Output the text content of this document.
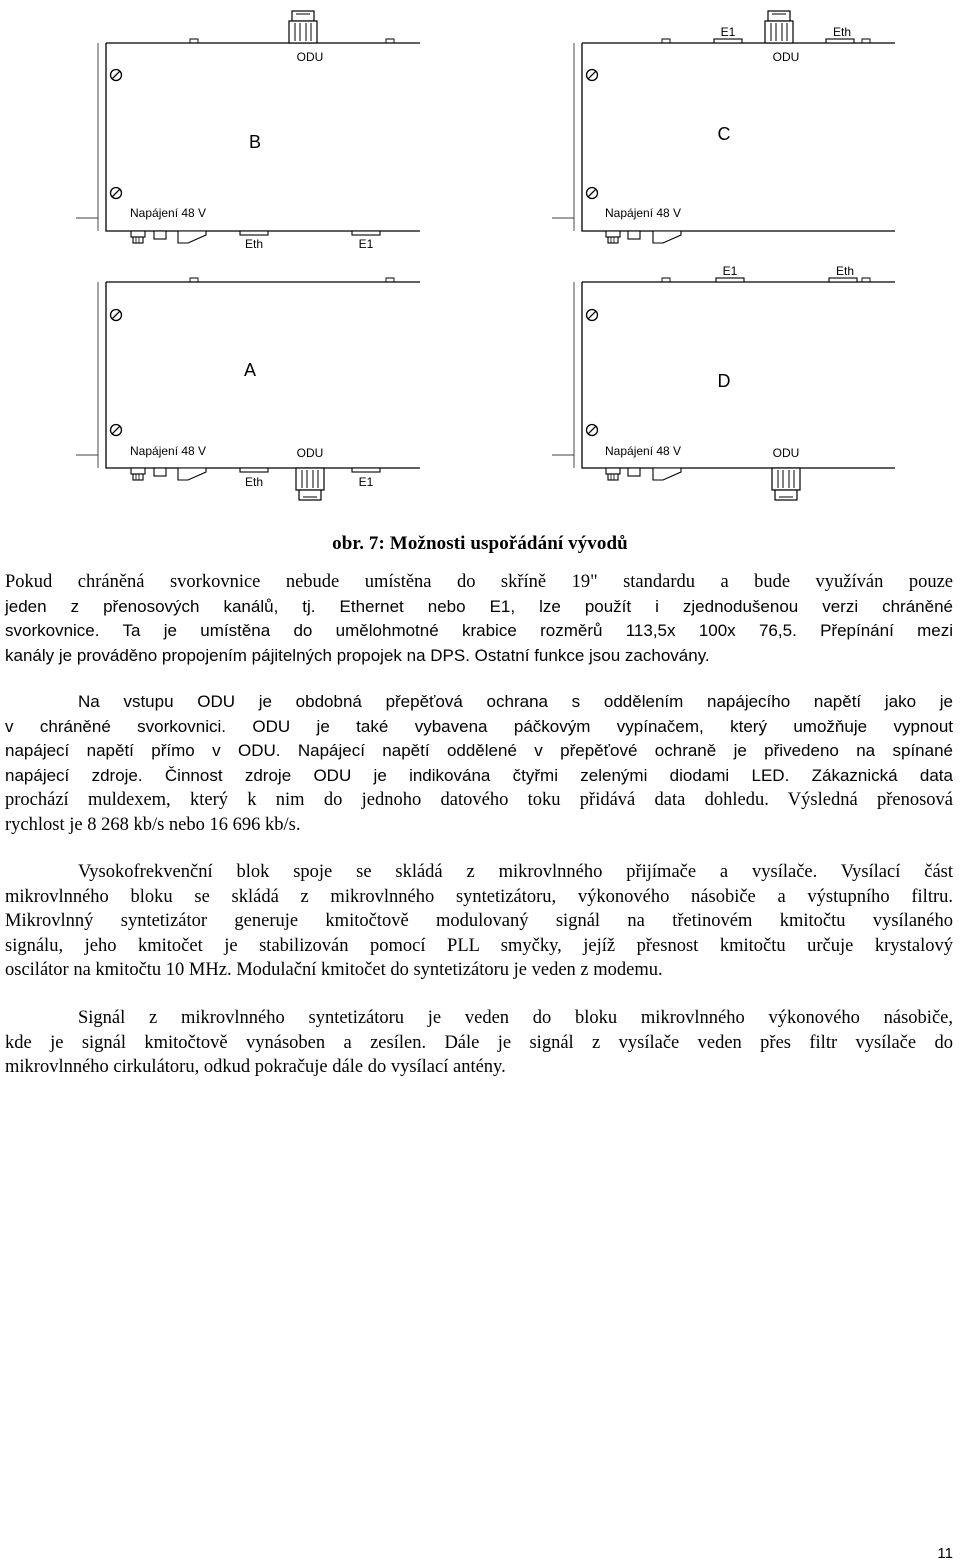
ODU
B
Napájení 48 V
Eth	E1
E1	Eth
ODU
C
Napájení 48 V
A
Napájení 48 V	ODU
Eth	E1
E1	Eth
D
Napájení 48 V	ODU
obr. 7: Možnosti uspořádání vývodů
Pokud chráněná svorkovnice nebude umístěna do skříně 19" standardu a bude využíván pouze
jeden z přenosových kanálů, tj. Ethernet nebo E1, lze použít i zjednodušenou verzi chráněné
svorkovnice. Ta je umístěna do umělohmotné krabice rozměrů 113,5x 100x 76,5. Přepínání mezi
kanály je prováděno propojením pájitelných propojek na DPS. Ostatní funkce jsou zachovány.
Na vstupu ODU je obdobná přepěťová ochrana s oddělením napájecího napětí jako je
v chráněné svorkovnici. ODU je také vybavena páčkovým vypínačem, který umožňuje vypnout
napájecí napětí přímo v ODU. Napájecí napětí oddělené v přepěťové ochraně je přivedeno na spínané
napájecí zdroje. Činnost zdroje ODU je indikována čtyřmi zelenými diodami LED. Zákaznická data
prochází muldexem, který k nim do jednoho datového toku přidává data dohledu. Výsledná přenosová
rychlost je 8 268 kb/s nebo 16 696 kb/s.
Vysokofrekvenční blok spoje se skládá z mikrovlnného přijímače a vysílače. Vysílací část
mikrovlnného bloku se skládá z mikrovlnného syntetizátoru, výkonového násobiče a výstupního filtru.
Mikrovlnný syntetizátor generuje kmitočtově modulovaný signál na třetinovém kmitočtu vysílaného
signálu, jeho kmitočet je stabilizován pomocí PLL smyčky, jejíž přesnost kmitočtu určuje krystalový
oscilátor na kmitočtu 10 MHz. Modulační kmitočet do syntetizátoru je veden z modemu.
Signál z mikrovlnného syntetizátoru je veden do bloku mikrovlnného výkonového násobiče,
kde je signál kmitočtově vynásoben a zesílen. Dále je signál z vysílače veden přes filtr vysílače do
mikrovlnného cirkulátoru, odkud pokračuje dále do vysílací antény.
11
